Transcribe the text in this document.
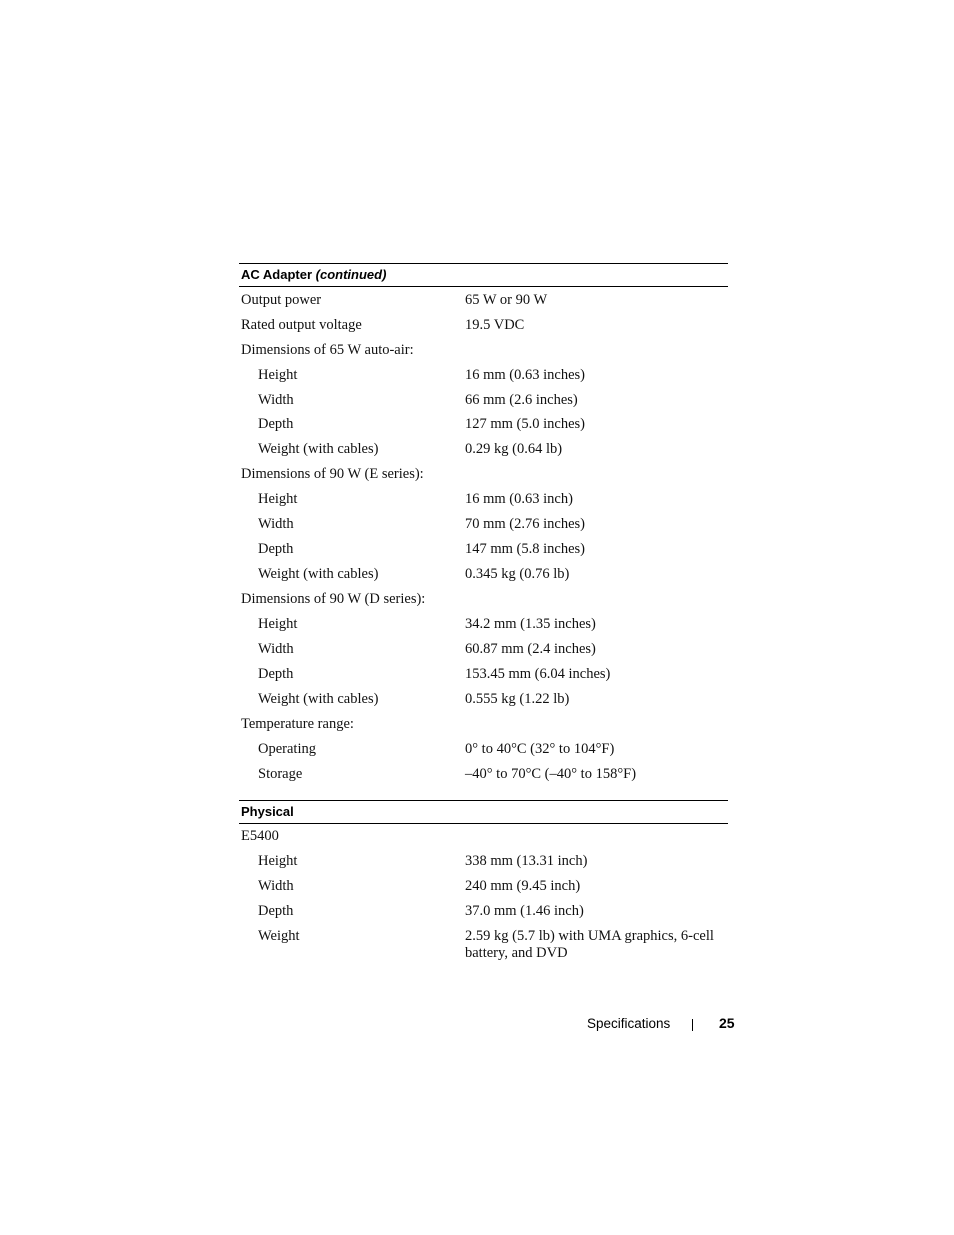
AC Adapter (continued)
Output power	65 W or 90 W
Rated output voltage	19.5 VDC
Dimensions of 65 W auto-air:
Height	16 mm (0.63 inches)
Width	66 mm (2.6 inches)
Depth	127 mm (5.0 inches)
Weight (with cables)	0.29 kg (0.64 lb)
Dimensions of 90 W (E series):
Height	16 mm (0.63 inch)
Width	70 mm (2.76 inches)
Depth	147 mm (5.8 inches)
Weight (with cables)	0.345 kg (0.76 lb)
Dimensions of 90 W (D series):
Height	34.2 mm (1.35 inches)
Width	60.87 mm (2.4 inches)
Depth	153.45 mm (6.04 inches)
Weight (with cables)	0.555 kg (1.22 lb)
Temperature range:
Operating	0° to 40°C (32° to 104°F)
Storage	–40° to 70°C (–40° to 158°F)
Physical
E5400
Height	338 mm (13.31 inch)
Width	240 mm (9.45 inch)
Depth	37.0 mm (1.46 inch)
Weight	2.59 kg (5.7 lb) with UMA graphics, 6-cell battery, and DVD
Specifications	25
